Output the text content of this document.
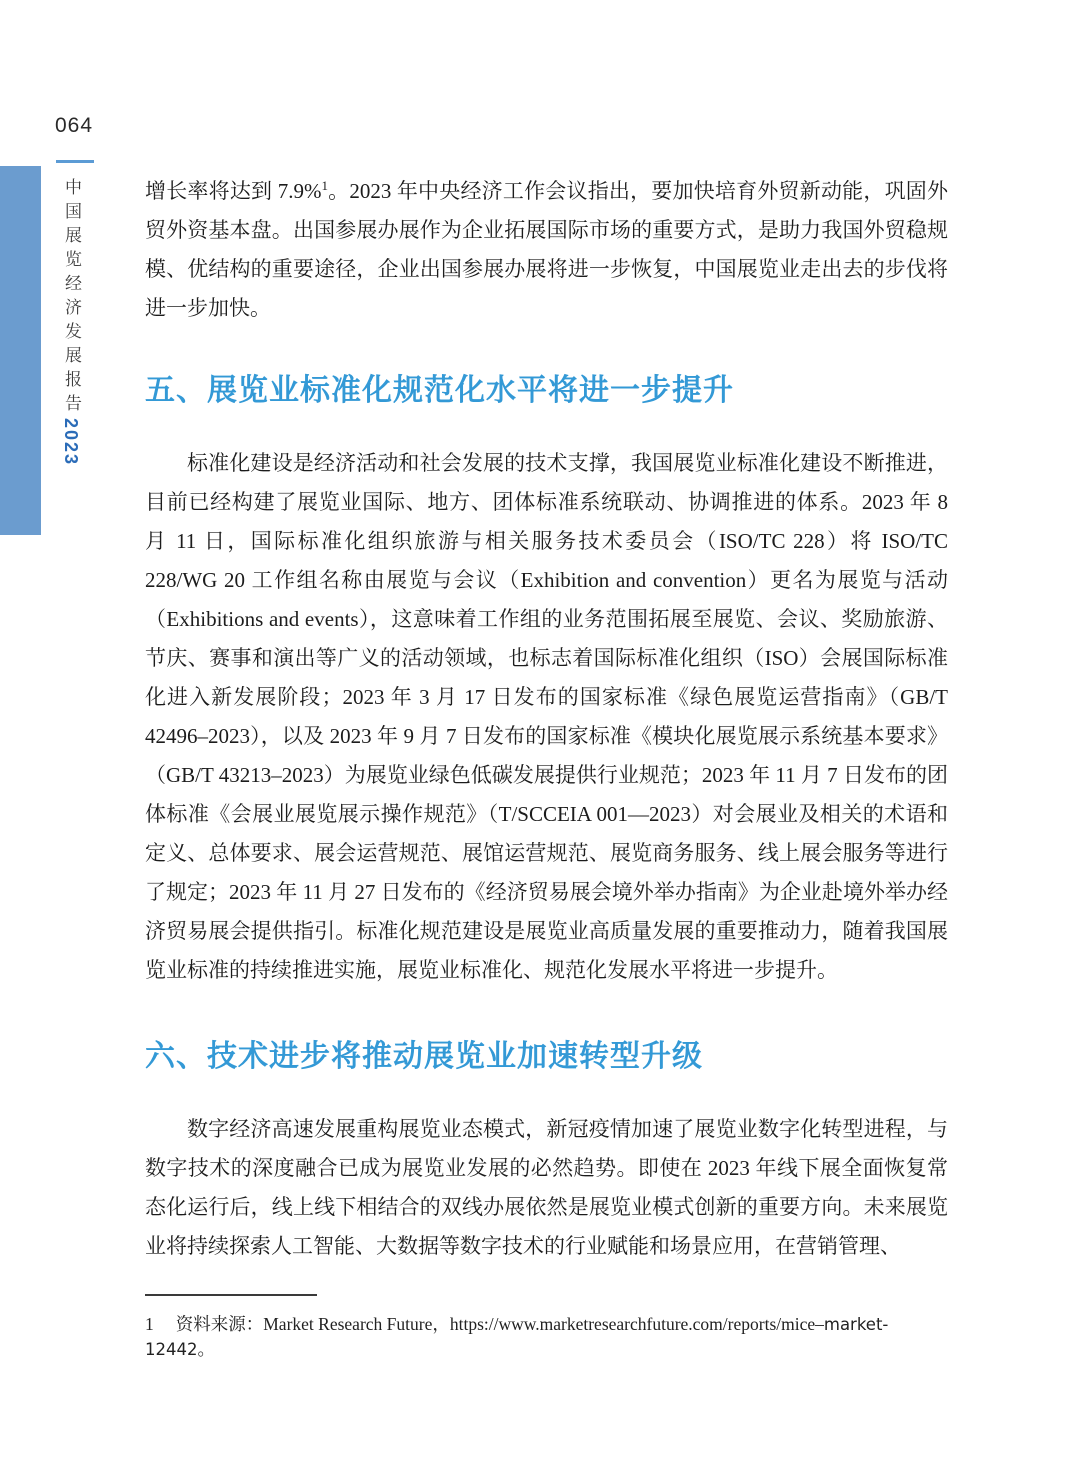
064
中国展览经济发展报告2023

增长率将达到 7.9%$^1$。2023 年中央经济工作会议指出，要加快培育外贸新动能，巩固外贸外资基本盘。出国参展办展作为企业拓展国际市场的重要方式，是助力我国外贸稳规模、优结构的重要途径，企业出国参展办展将进一步恢复，中国展览业走出去的步伐将进一步加快。

五、展览业标准化规范化水平将进一步提升

标准化建设是经济活动和社会发展的技术支撑，我国展览业标准化建设不断推进，目前已经构建了展览业国际、地方、团体标准系统联动、协调推进的体系。2023 年 8 月 11 日，国际标准化组织旅游与相关服务技术委员会（ISO/TC 228）将 ISO/TC 228/WG 20 工作组名称由展览与会议（Exhibition and convention）更名为展览与活动（Exhibitions and events），这意味着工作组的业务范围拓展至展览、会议、奖励旅游、节庆、赛事和演出等广义的活动领域，也标志着国际标准化组织（ISO）会展国际标准化进入新发展阶段；2023 年 3 月 17 日发布的国家标准《绿色展览运营指南》（GB/T 42496–2023），以及 2023 年 9 月 7 日发布的国家标准《模块化展览展示系统基本要求》（GB/T 43213–2023）为展览业绿色低碳发展提供行业规范；2023 年 11 月 7 日发布的团体标准《会展业展览展示操作规范》（T/SCCEIA 001—2023）对会展业及相关的术语和定义、总体要求、展会运营规范、展馆运营规范、展览商务服务、线上展会服务等进行了规定；2023 年 11 月 27 日发布的《经济贸易展会境外举办指南》为企业赴境外举办经济贸易展会提供指引。标准化规范建设是展览业高质量发展的重要推动力，随着我国展览业标准的持续推进实施，展览业标准化、规范化发展水平将进一步提升。

六、技术进步将推动展览业加速转型升级

数字经济高速发展重构展览业态模式，新冠疫情加速了展览业数字化转型进程，与数字技术的深度融合已成为展览业发展的必然趋势。即使在 2023 年线下展全面恢复常态化运行后，线上线下相结合的双线办展依然是展览业模式创新的重要方向。未来展览业将持续探索人工智能、大数据等数字技术的行业赋能和场景应用，在营销管理、

1 资料来源：Market Research Future，https://www.marketresearchfuture.com/reports/mice–market-12442。
